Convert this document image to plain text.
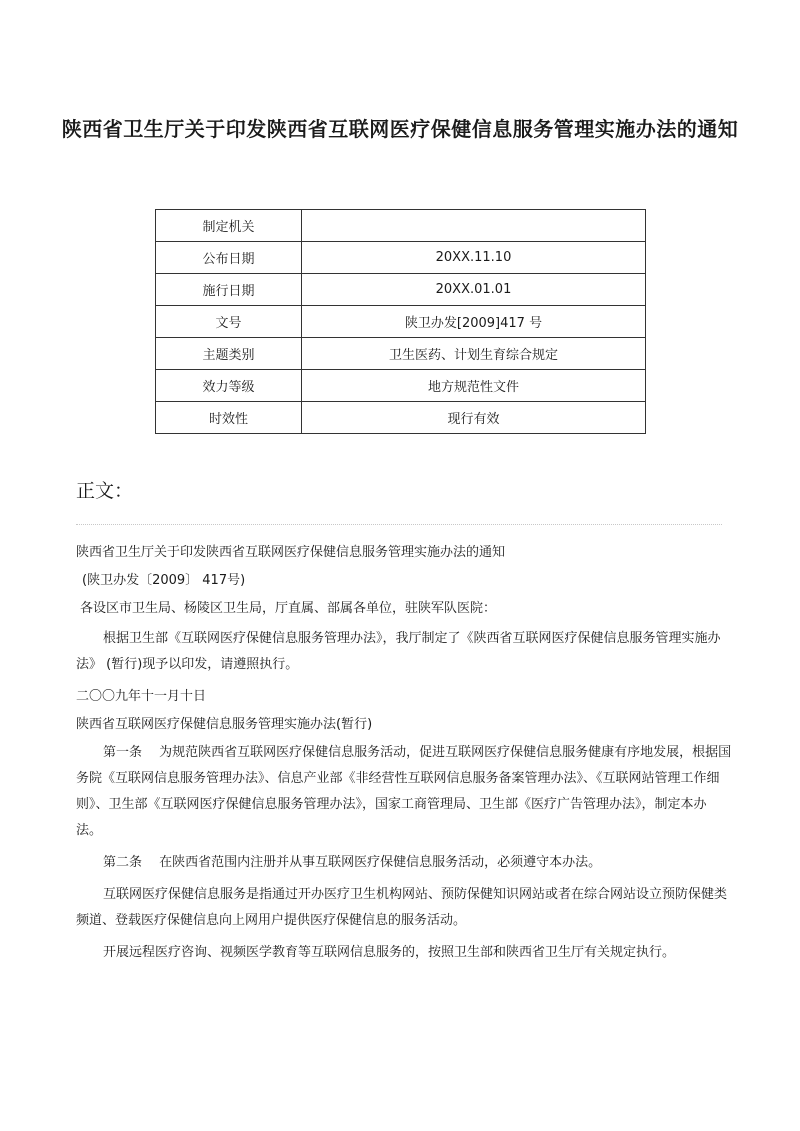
陕西省卫生厅关于印发陕西省互联网医疗保健信息服务管理实施办法的通知
制定机关	
公布日期	20XX.11.10
施行日期	20XX.01.01
文号	陕卫办发[2009]417 号
主题类别	卫生医药、计划生育综合规定
效力等级	地方规范性文件
时效性	现行有效
正文：

陕西省卫生厅关于印发陕西省互联网医疗保健信息服务管理实施办法的通知

(陕卫办发〔2009〕 417号)

各设区市卫生局、杨陵区卫生局，厅直属、部属各单位，驻陕军队医院：

根据卫生部《互联网医疗保健信息服务管理办法》，我厅制定了《陕西省互联网医疗保健信息服务管理实施办法》 (暂行)现予以印发，请遵照执行。

二〇〇九年十一月十日

陕西省互联网医疗保健信息服务管理实施办法(暂行)

第一条　 为规范陕西省互联网医疗保健信息服务活动，促进互联网医疗保健信息服务健康有序地发展，根据国务院《互联网信息服务管理办法》、信息产业部《非经营性互联网信息服务备案管理办法》、《互联网站管理工作细则》、卫生部《互联网医疗保健信息服务管理办法》，国家工商管理局、卫生部《医疗广告管理办法》，制定本办法。

第二条　 在陕西省范围内注册并从事互联网医疗保健信息服务活动，必须遵守本办法。

互联网医疗保健信息服务是指通过开办医疗卫生机构网站、预防保健知识网站或者在综合网站设立预防保健类频道、登载医疗保健信息向上网用户提供医疗保健信息的服务活动。

开展远程医疗咨询、视频医学教育等互联网信息服务的，按照卫生部和陕西省卫生厅有关规定执行。
